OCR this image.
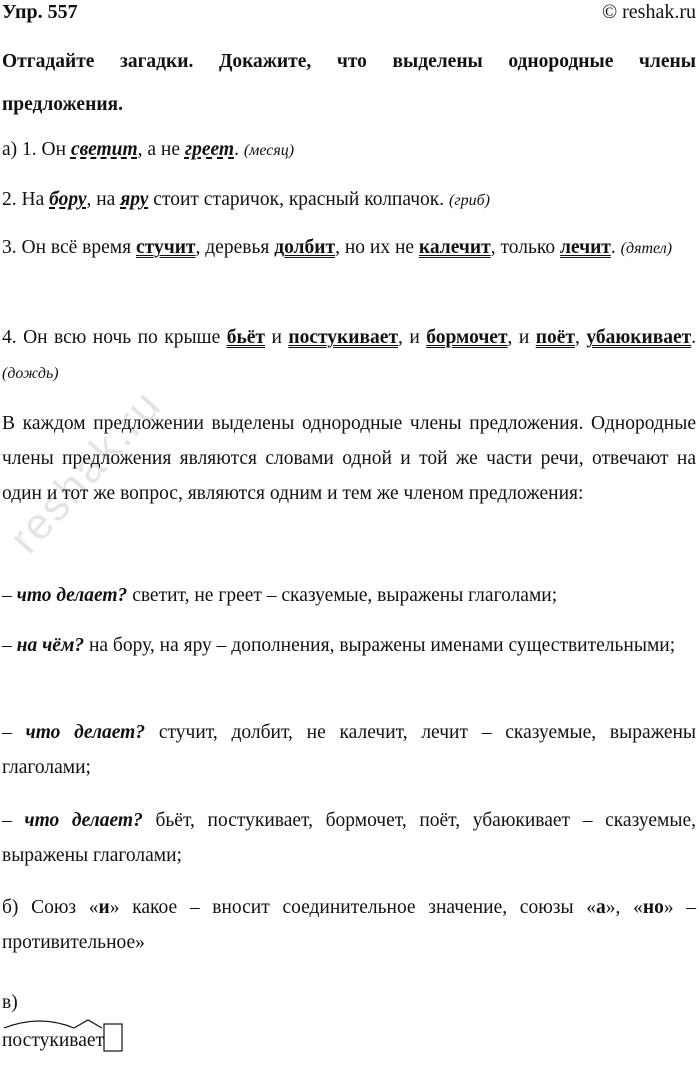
Упр. 557	© reshak.ru
Отгадайте загадки. Докажите, что выделены однородные члены предложения.
а) 1. Он светит, а не греет. (месяц)
2. На бору, на яру стоит старичок, красный колпачок. (гриб)
3. Он всё время стучит, деревья долбит, но их не калечит, только лечит. (дятел)
4. Он всю ночь по крыше бьёт и постукивает, и бормочет, и поёт, убаюкивает. (дождь)
В каждом предложении выделены однородные члены предложения. Однородные члены предложения являются словами одной и той же части речи, отвечают на один и тот же вопрос, являются одним и тем же членом предложения:
– что делает? светит, не греет – сказуемые, выражены глаголами;
– на чём? на бору, на яру – дополнения, выражены именами существительными;
– что делает? стучит, долбит, не калечит, лечит – сказуемые, выражены глаголами;
– что делает? бьёт, постукивает, бормочет, поёт, убаюкивает – сказуемые, выражены глаголами;
б) Союз «и» какое – вносит соединительное значение, союзы «а», «но» – противительное»
в)
постукивает
reshak.ru
